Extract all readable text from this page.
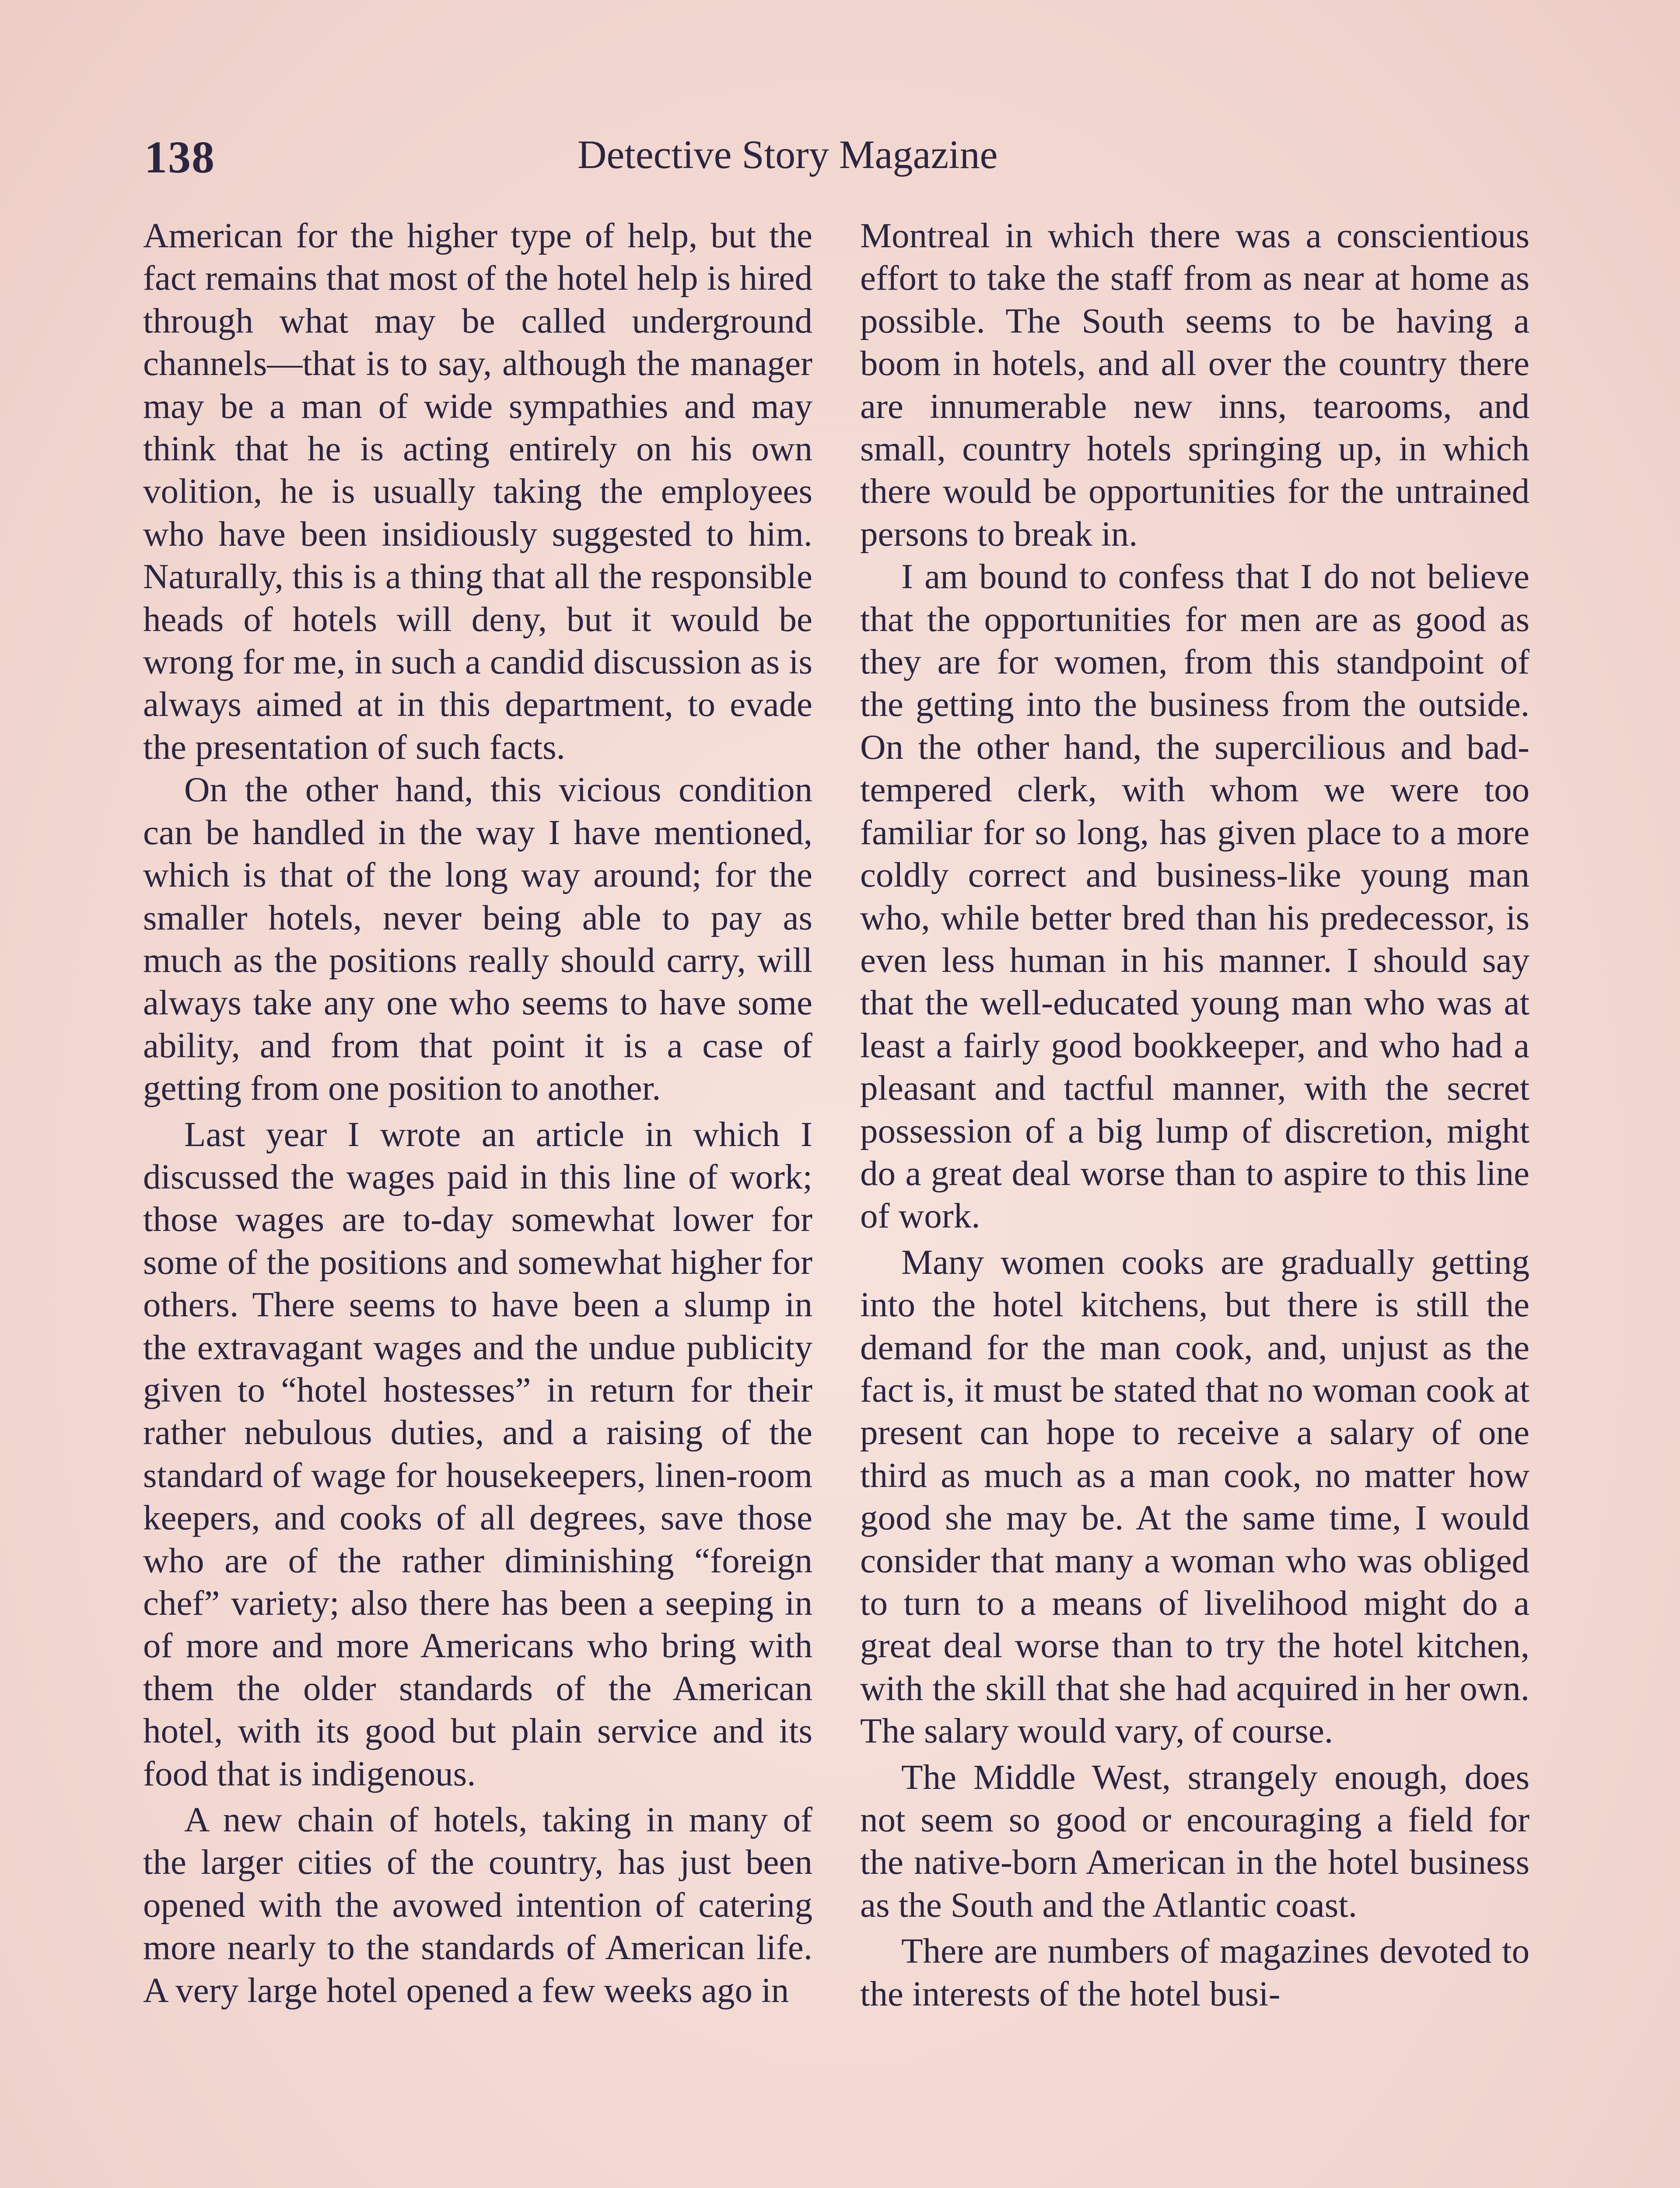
138	Detective Story Magazine

American for the higher type of help, but the fact remains that most of the hotel help is hired through what may be called underground channels—that is to say, although the manager may be a man of wide sympathies and may think that he is acting entirely on his own volition, he is usually taking the employees who have been insidiously suggested to him. Naturally, this is a thing that all the responsible heads of hotels will deny, but it would be wrong for me, in such a candid discussion as is always aimed at in this department, to evade the presentation of such facts.

On the other hand, this vicious condition can be handled in the way I have mentioned, which is that of the long way around; for the smaller hotels, never being able to pay as much as the positions really should carry, will always take any one who seems to have some ability, and from that point it is a case of getting from one position to another.

Last year I wrote an article in which I discussed the wages paid in this line of work; those wages are to-day somewhat lower for some of the positions and somewhat higher for others. There seems to have been a slump in the extravagant wages and the undue publicity given to “hotel hostesses” in return for their rather nebulous duties, and a raising of the standard of wage for housekeepers, linen-room keepers, and cooks of all degrees, save those who are of the rather diminishing “foreign chef” variety; also there has been a seeping in of more and more Americans who bring with them the older standards of the American hotel, with its good but plain service and its food that is indigenous.

A new chain of hotels, taking in many of the larger cities of the country, has just been opened with the avowed intention of catering more nearly to the standards of American life. A very large hotel opened a few weeks ago in

Montreal in which there was a conscientious effort to take the staff from as near at home as possible. The South seems to be having a boom in hotels, and all over the country there are innumerable new inns, tearooms, and small, country hotels springing up, in which there would be opportunities for the untrained persons to break in.

I am bound to confess that I do not believe that the opportunities for men are as good as they are for women, from this standpoint of the getting into the business from the outside. On the other hand, the supercilious and bad-tempered clerk, with whom we were too familiar for so long, has given place to a more coldly correct and business-like young man who, while better bred than his predecessor, is even less human in his manner. I should say that the well-educated young man who was at least a fairly good bookkeeper, and who had a pleasant and tactful manner, with the secret possession of a big lump of discretion, might do a great deal worse than to aspire to this line of work.

Many women cooks are gradually getting into the hotel kitchens, but there is still the demand for the man cook, and, unjust as the fact is, it must be stated that no woman cook at present can hope to receive a salary of one third as much as a man cook, no matter how good she may be. At the same time, I would consider that many a woman who was obliged to turn to a means of livelihood might do a great deal worse than to try the hotel kitchen, with the skill that she had acquired in her own. The salary would vary, of course.

The Middle West, strangely enough, does not seem so good or encouraging a field for the native-born American in the hotel business as the South and the Atlantic coast.

There are numbers of magazines devoted to the interests of the hotel busi-
